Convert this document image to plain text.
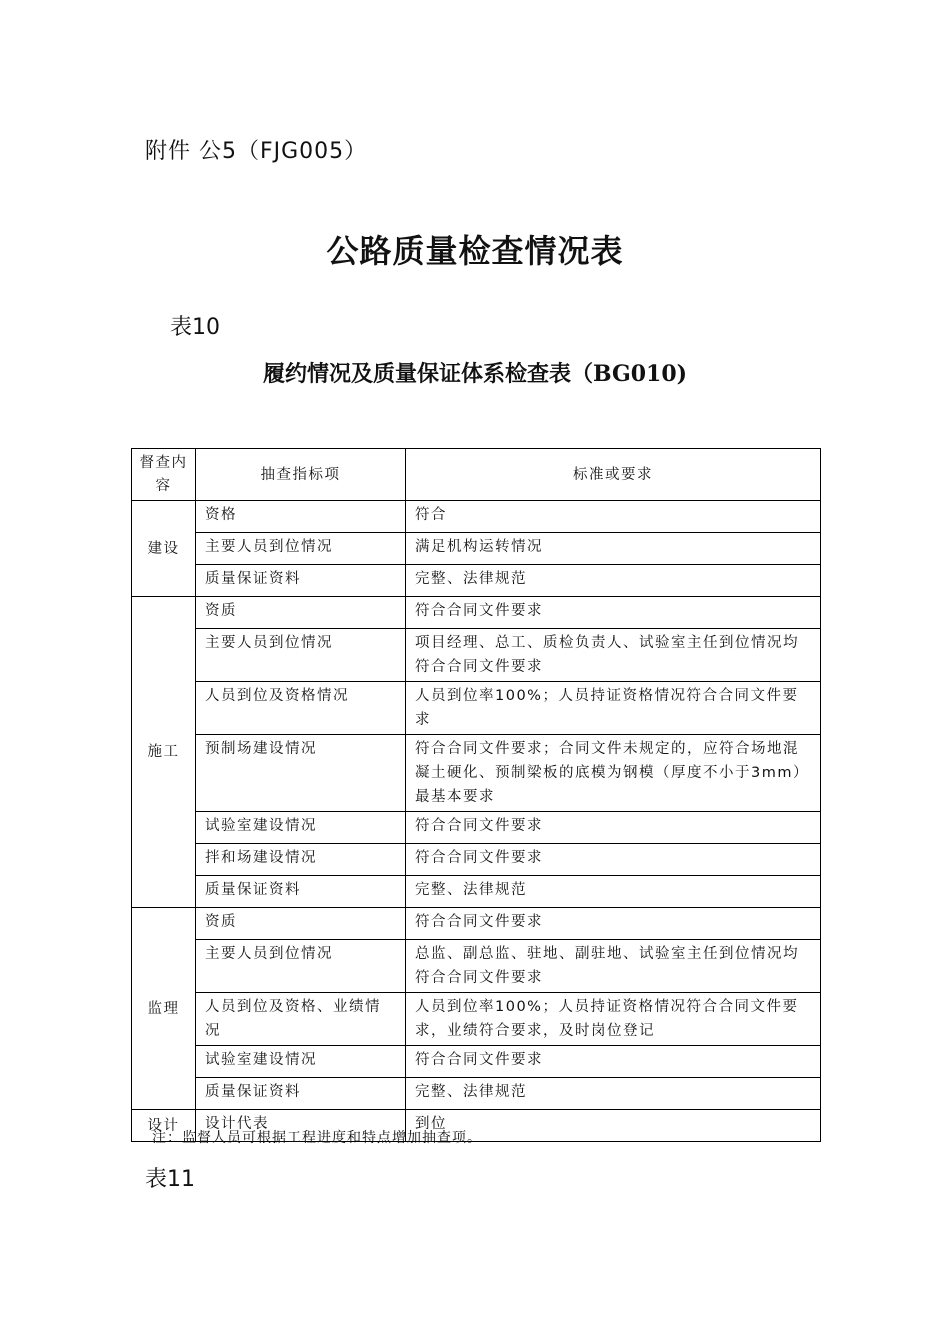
附件 公5（FJG005）
公路质量检查情况表
表10
履约情况及质量保证体系检查表（BG010)
督查内容	抽查指标项	标准或要求
建设	资格	符合
	主要人员到位情况	满足机构运转情况
	质量保证资料	完整、法律规范
施工	资质	符合合同文件要求
	主要人员到位情况	项目经理、总工、质检负责人、试验室主任到位情况均符合合同文件要求
	人员到位及资格情况	人员到位率100%；人员持证资格情况符合合同文件要求
	预制场建设情况	符合合同文件要求；合同文件未规定的，应符合场地混凝土硬化、预制梁板的底模为钢模（厚度不小于3mm）最基本要求
	试验室建设情况	符合合同文件要求
	拌和场建设情况	符合合同文件要求
	质量保证资料	完整、法律规范
监理	资质	符合合同文件要求
	主要人员到位情况	总监、副总监、驻地、副驻地、试验室主任到位情况均符合合同文件要求
	人员到位及资格、业绩情况	人员到位率100%；人员持证资格情况符合合同文件要求，业绩符合要求，及时岗位登记
	试验室建设情况	符合合同文件要求
	质量保证资料	完整、法律规范
设计	设计代表	到位
注：监督人员可根据工程进度和特点增加抽查项。
表11
